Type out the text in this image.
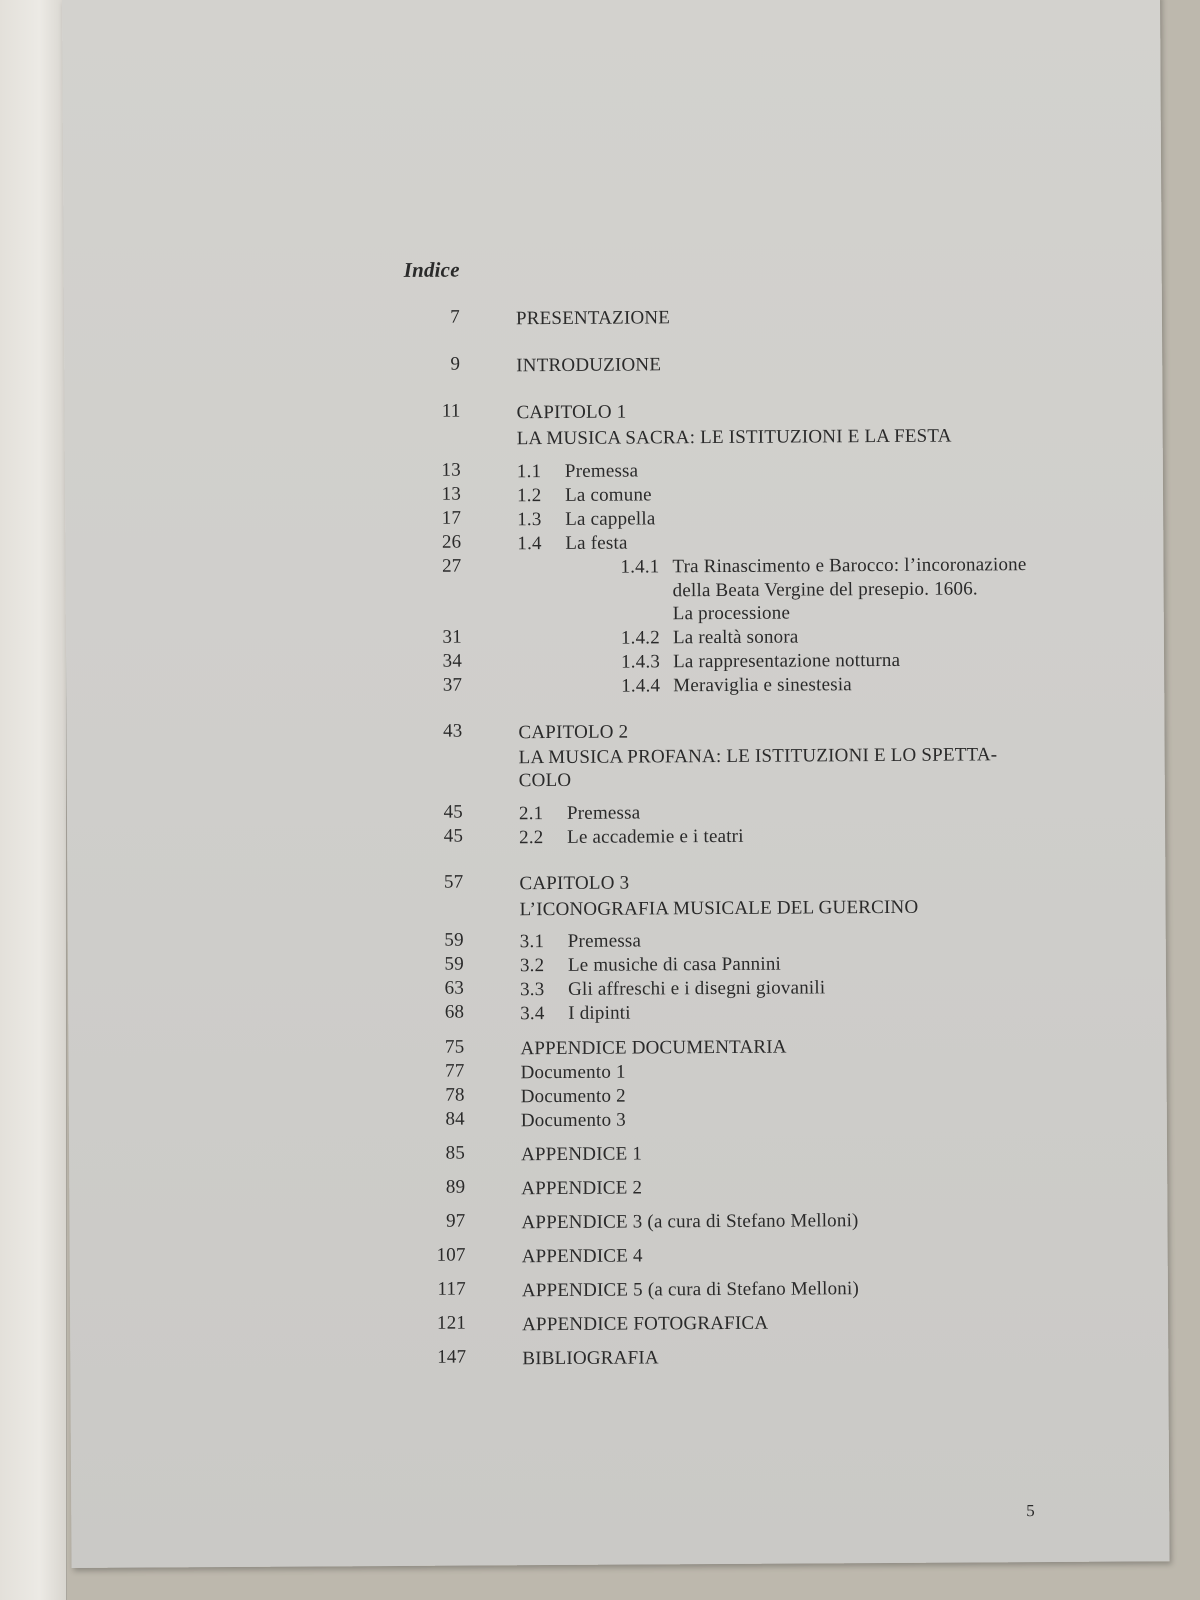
Indice
7	PRESENTAZIONE
9	INTRODUZIONE
11	CAPITOLO 1
LA MUSICA SACRA: LE ISTITUZIONI E LA FESTA
13	1.1 Premessa
13	1.2 La comune
17	1.3 La cappella
26	1.4 La festa
27	1.4.1 Tra Rinascimento e Barocco: l’incoronazione
della Beata Vergine del presepio. 1606.
La processione
31	1.4.2 La realtà sonora
34	1.4.3 La rappresentazione notturna
37	1.4.4 Meraviglia e sinestesia
43	CAPITOLO 2
LA MUSICA PROFANA: LE ISTITUZIONI E LO SPETTA-
COLO
45	2.1 Premessa
45	2.2 Le accademie e i teatri
57	CAPITOLO 3
L’ICONOGRAFIA MUSICALE DEL GUERCINO
59	3.1 Premessa
59	3.2 Le musiche di casa Pannini
63	3.3 Gli affreschi e i disegni giovanili
68	3.4 I dipinti
75	APPENDICE DOCUMENTARIA
77	Documento 1
78	Documento 2
84	Documento 3
85	APPENDICE 1
89	APPENDICE 2
97	APPENDICE 3 (a cura di Stefano Melloni)
107	APPENDICE 4
117	APPENDICE 5 (a cura di Stefano Melloni)
121	APPENDICE FOTOGRAFICA
147	BIBLIOGRAFIA
5
